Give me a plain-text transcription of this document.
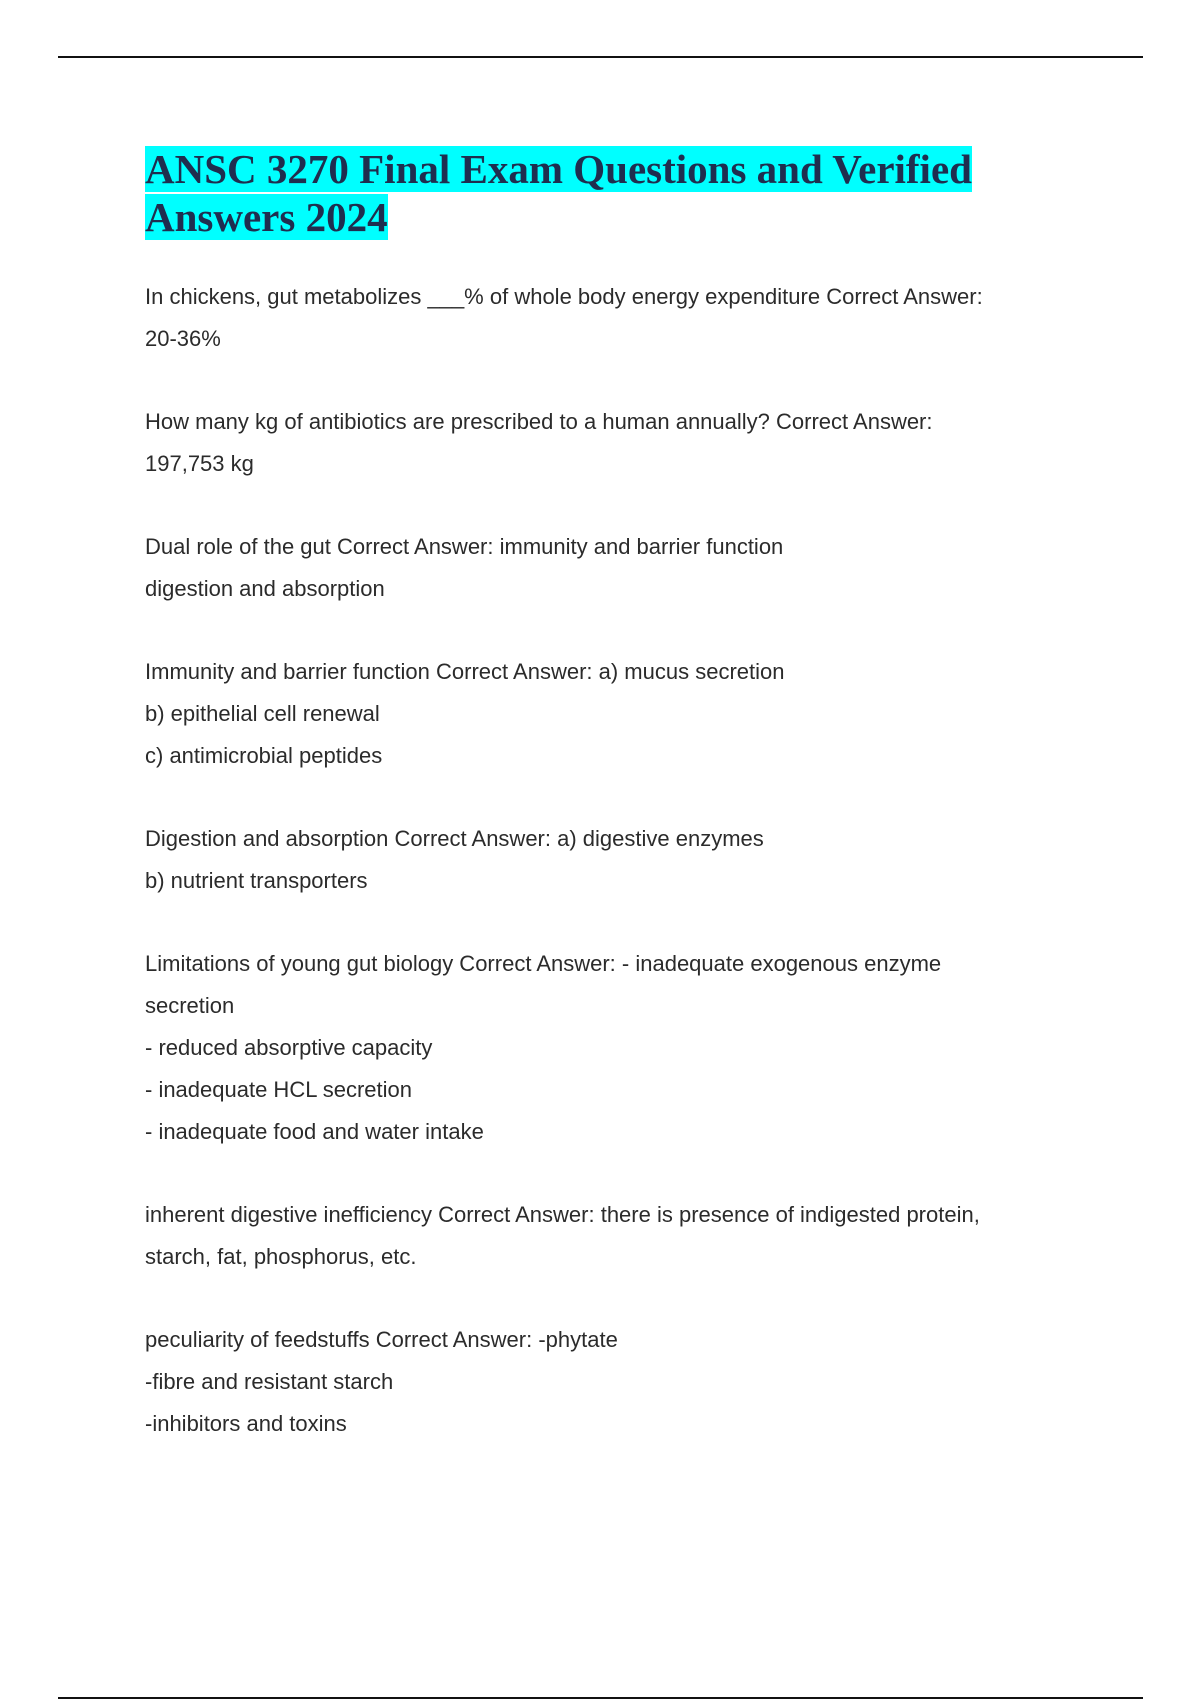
ANSC 3270 Final Exam Questions and Verified Answers 2024

In chickens, gut metabolizes ___% of whole body energy expenditure Correct Answer:

20-36%

How many kg of antibiotics are prescribed to a human annually? Correct Answer:

197,753 kg

Dual role of the gut Correct Answer: immunity and barrier function

digestion and absorption

Immunity and barrier function Correct Answer: a) mucus secretion

b) epithelial cell renewal

c) antimicrobial peptides

Digestion and absorption Correct Answer: a) digestive enzymes

b) nutrient transporters

Limitations of young gut biology Correct Answer: - inadequate exogenous enzyme

secretion

- reduced absorptive capacity

- inadequate HCL secretion

- inadequate food and water intake

inherent digestive inefficiency Correct Answer: there is presence of indigested protein,

starch, fat, phosphorus, etc.

peculiarity of feedstuffs Correct Answer: -phytate

-fibre and resistant starch

-inhibitors and toxins
